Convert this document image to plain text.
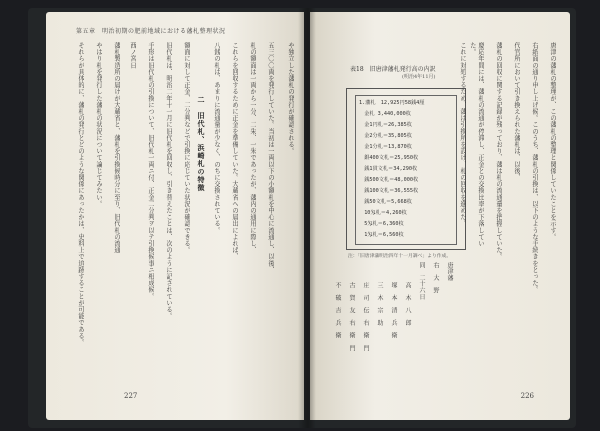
第五章　明治初期の肥前地域における藩札整理状況
や独立した藩札の発行が確認される。
五三〇〇両を発行していた。当初は一両以下の小額札を中心に流通し、以後、
札の額面は一両から一分、二朱、一朱であったが、藩内の通用に際し、
これらを回収するために正金を準備していた。大蔵省への届出によれば、
八銭の札は、あまりに流通量が少なく、のちに交換されている。
二　旧代札、浜崎札の特徴
額面に対して正金、二分判などで引換に応じていた状況が確認できる。
旧代札は、明治二年十一月に旧代札を回収し、引き替えたことは、次のように記されている。
手形は旧代札の引換について、旧代札一両ニ付、正金二分判ヲ以テ引換候事ニ相成候。
西ノ宮日
藩札製造所の届けが大蔵省と、藩札を引換候時分に至り、旧代札の流通
やはり札を発行した藩札の状況について論じてみたい。
それらが具体的に、藩札の発行とどのような関係にあったかは、史料上で追跡することが可能である。
227
表18　旧唐津藩札発行高の内訳
(明治4年11月)
1.藩札　12,925円58銭4厘
　金札 3,440,000枚
　金1円札＝26,385枚
　金2分札＝35,805枚
　金1分札＝13,870枚
　銀400文札＝25,950枚
　銭1貫文札＝34,290枚
　銭500文札＝48,000枚
　銭100文札＝36,555枚
　銭50文札＝5,668枚
　10匁札＝4,260枚
　5匁札＝6,360枚
　1匁札＝6,560枚
注：「旧唐津藩明治四年十一月調べ」より作成。
唐津の藩札の整理が、この藩札の整理と関係していたことを示す。
右紙面の通り申し上げ候。このうち、藩札の引換は、以下のような手続きをとった。
代官所において引き換えられた藩札は、以後、
藩札の回収に関する記録が残っており、藩は札の流通量を把握していた。
慶応年間には、藩札の流通が停滞し、正金との交換比率が下落していた。
これに対処するため、藩は引換所を設け、札の回収を進めた。
唐津藩
右　大　野
同　二十六日
高　木　八　郎
塚　本　清　兵　衛
三　木　宗　助
庄　司　伝　右　衛　門
古　賀　友　右　衛　門
不　破　吉　兵　衛
226
